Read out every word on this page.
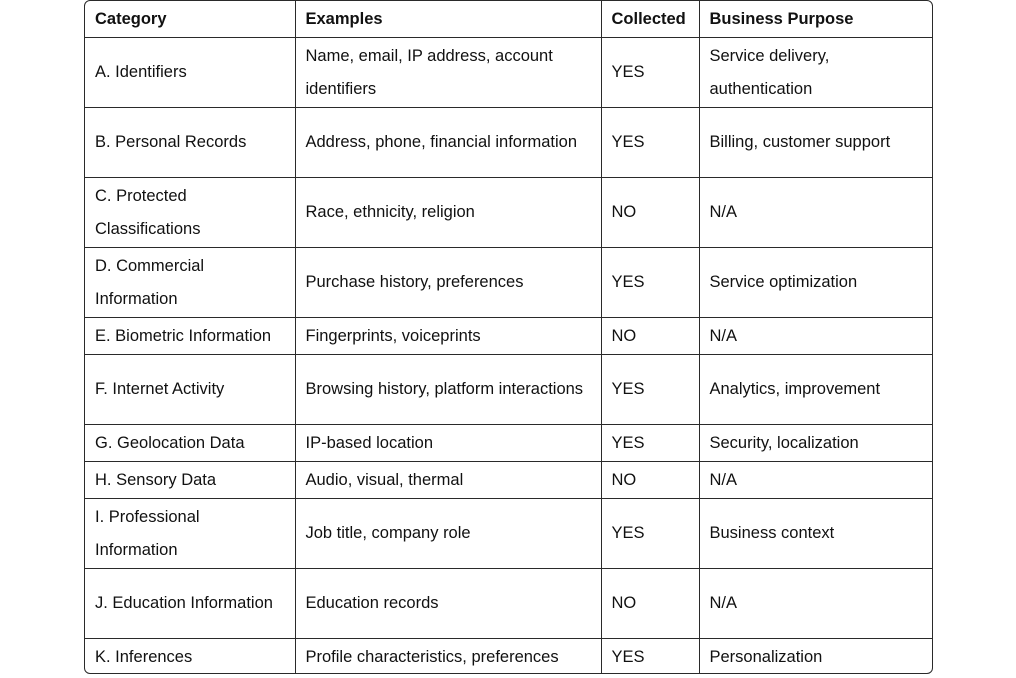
Category	Examples	Collected	Business Purpose
A. Identifiers	Name, email, IP address, account identifiers	YES	Service delivery, authentication
B. Personal Records	Address, phone, financial information	YES	Billing, customer support
C. Protected Classifications	Race, ethnicity, religion	NO	N/A
D. Commercial Information	Purchase history, preferences	YES	Service optimization
E. Biometric Information	Fingerprints, voiceprints	NO	N/A
F. Internet Activity	Browsing history, platform interactions	YES	Analytics, improvement
G. Geolocation Data	IP-based location	YES	Security, localization
H. Sensory Data	Audio, visual, thermal	NO	N/A
I. Professional Information	Job title, company role	YES	Business context
J. Education Information	Education records	NO	N/A
K. Inferences	Profile characteristics, preferences	YES	Personalization
